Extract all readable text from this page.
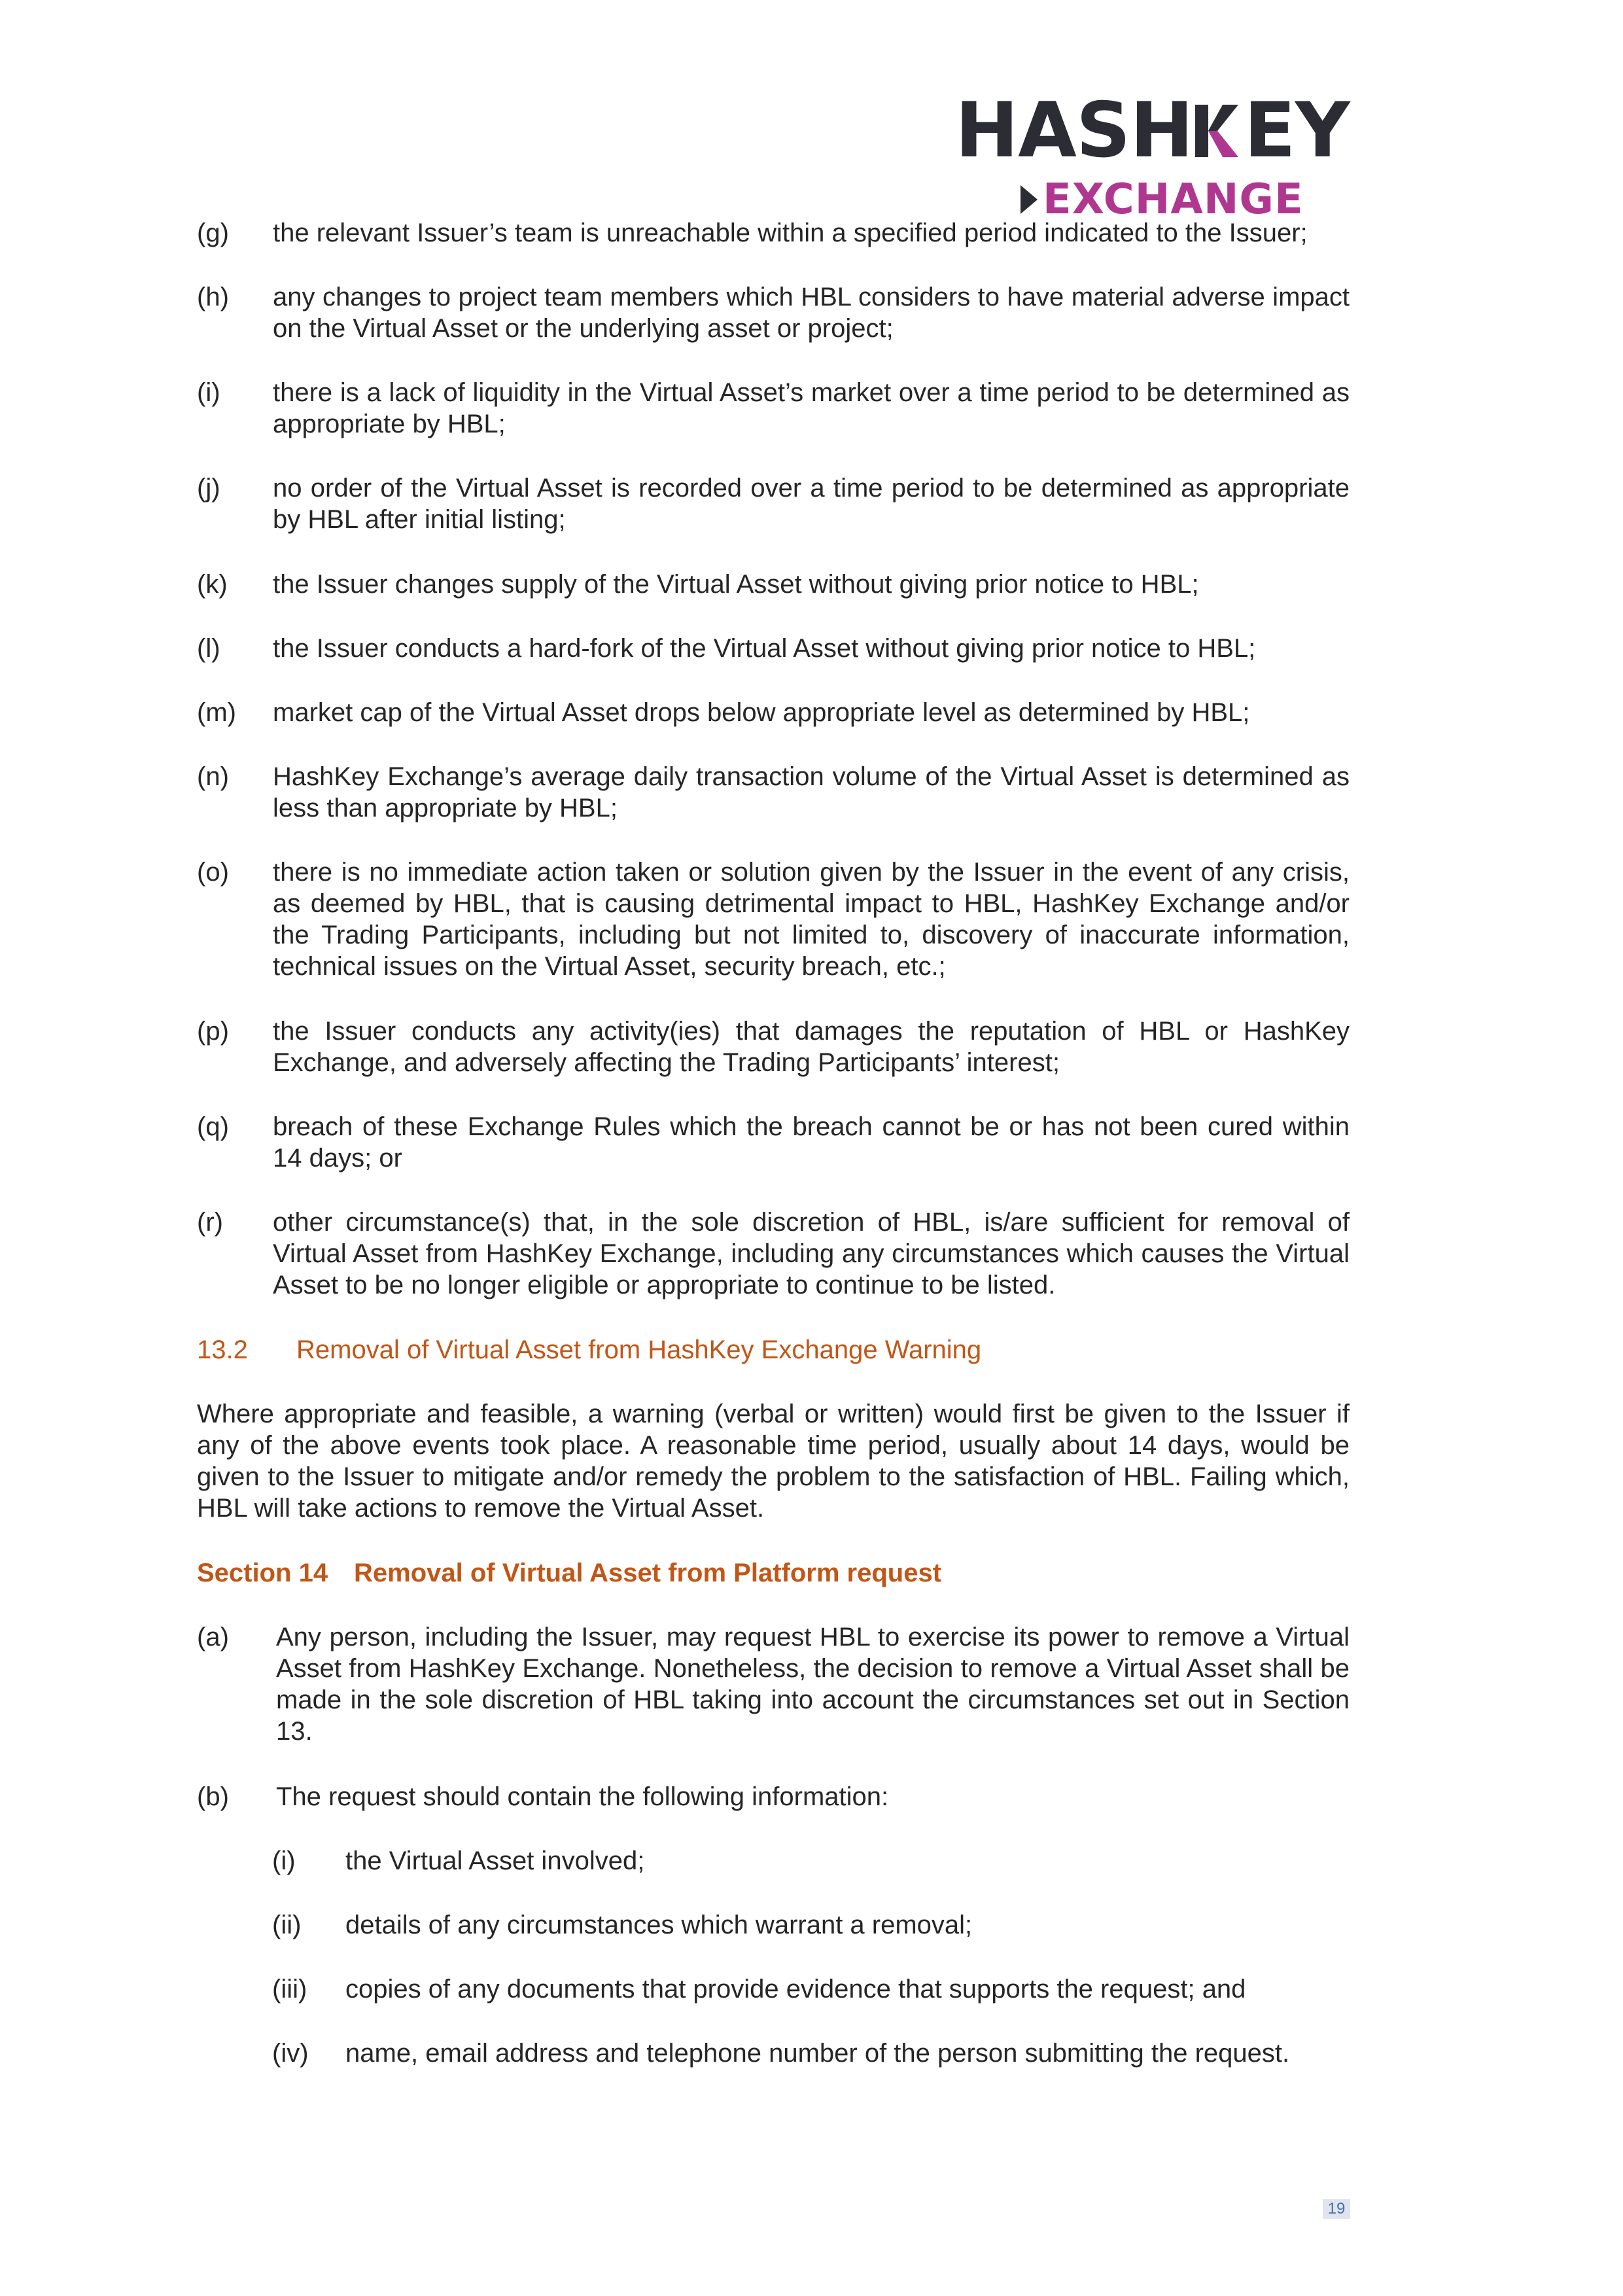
HASH EY
EXCHANGE
(g) the relevant Issuer’s team is unreachable within a specified period indicated to the Issuer;
(h) any changes to project team members which HBL considers to have material adverse impact on the Virtual Asset or the underlying asset or project;
(i) there is a lack of liquidity in the Virtual Asset’s market over a time period to be determined as appropriate by HBL;
(j) no order of the Virtual Asset is recorded over a time period to be determined as appropriate by HBL after initial listing;
(k) the Issuer changes supply of the Virtual Asset without giving prior notice to HBL;
(l) the Issuer conducts a hard-fork of the Virtual Asset without giving prior notice to HBL;
(m) market cap of the Virtual Asset drops below appropriate level as determined by HBL;
(n) HashKey Exchange’s average daily transaction volume of the Virtual Asset is determined as less than appropriate by HBL;
(o) there is no immediate action taken or solution given by the Issuer in the event of any crisis, as deemed by HBL, that is causing detrimental impact to HBL, HashKey Exchange and/or the Trading Participants, including but not limited to, discovery of inaccurate information, technical issues on the Virtual Asset, security breach, etc.;
(p) the Issuer conducts any activity(ies) that damages the reputation of HBL or HashKey Exchange, and adversely affecting the Trading Participants’ interest;
(q) breach of these Exchange Rules which the breach cannot be or has not been cured within 14 days; or
(r) other circumstance(s) that, in the sole discretion of HBL, is/are sufficient for removal of Virtual Asset from HashKey Exchange, including any circumstances which causes the Virtual Asset to be no longer eligible or appropriate to continue to be listed.
13.2 Removal of Virtual Asset from HashKey Exchange Warning
Where appropriate and feasible, a warning (verbal or written) would first be given to the Issuer if any of the above events took place. A reasonable time period, usually about 14 days, would be given to the Issuer to mitigate and/or remedy the problem to the satisfaction of HBL. Failing which, HBL will take actions to remove the Virtual Asset.
Section 14 Removal of Virtual Asset from Platform request
(a) Any person, including the Issuer, may request HBL to exercise its power to remove a Virtual Asset from HashKey Exchange. Nonetheless, the decision to remove a Virtual Asset shall be made in the sole discretion of HBL taking into account the circumstances set out in Section 13.
(b) The request should contain the following information:
(i) the Virtual Asset involved;
(ii) details of any circumstances which warrant a removal;
(iii) copies of any documents that provide evidence that supports the request; and
(iv) name, email address and telephone number of the person submitting the request.
19
